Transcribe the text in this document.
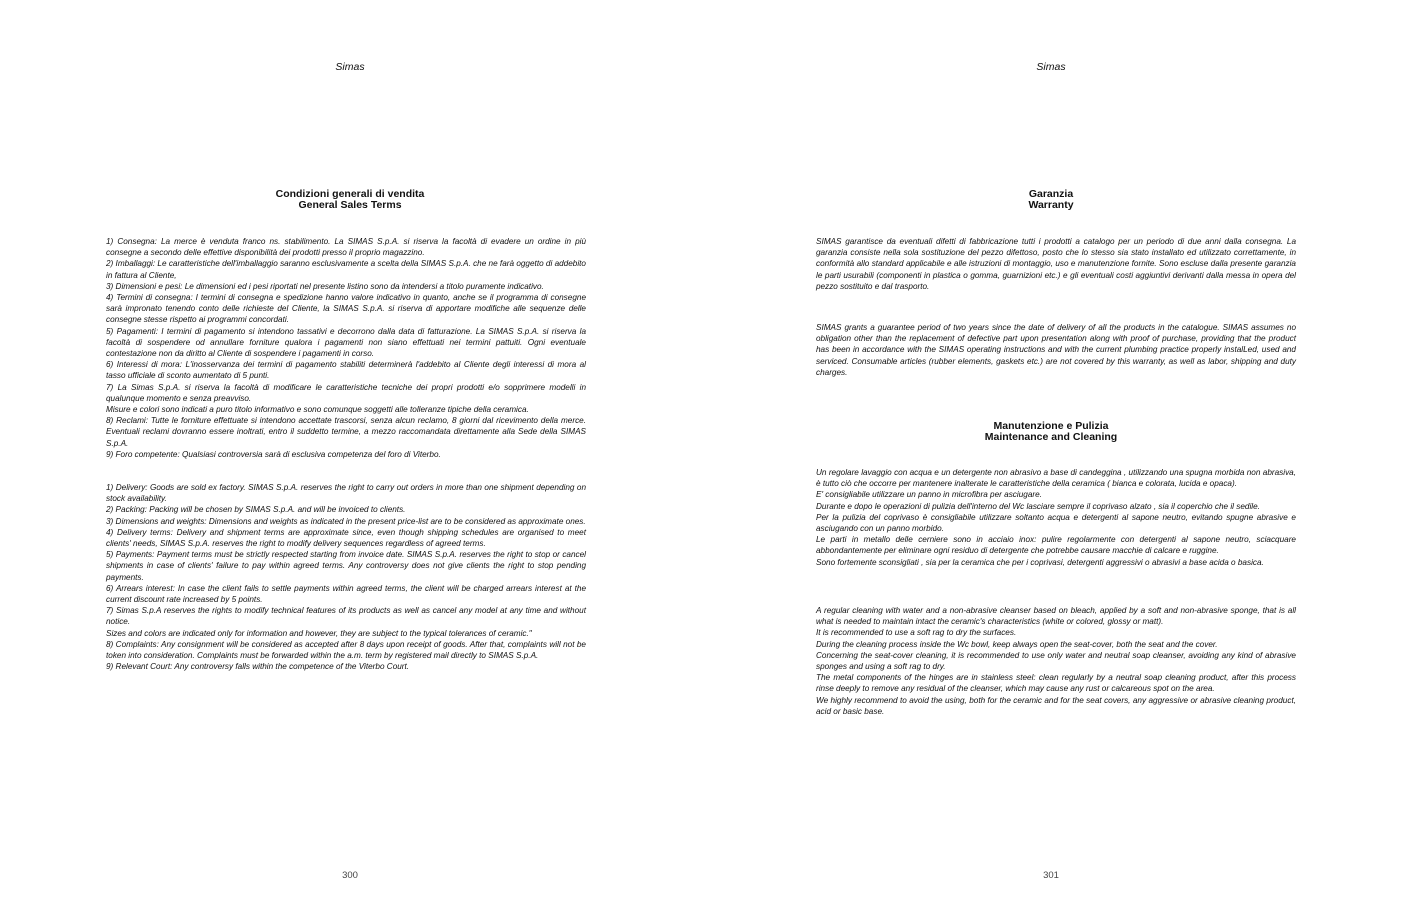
Simas
Condizioni generali di vendita
General Sales Terms
1) Consegna: La merce è venduta franco ns. stabilimento. La SIMAS S.p.A. si riserva la facoltà di evadere un ordine in più consegne a secondo delle effettive disponibilità dei prodotti presso il proprio magazzino.
2) Imballaggi: Le caratteristiche dell'imballaggio saranno esclusivamente a scelta della SIMAS S.p.A. che ne farà oggetto di addebito in fattura al Cliente,
3) Dimensioni e pesi: Le dimensioni ed i pesi riportati nel presente listino sono da intendersi a titolo puramente indicativo.
4) Termini di consegna: I termini di consegna e spedizione hanno valore indicativo in quanto, anche se il programma di consegne sarà impronato tenendo conto delle richieste del Cliente, la SIMAS S.p.A. si riserva di apportare modifiche alle sequenze delle consegne stesse rispetto ai programmi concordati.
5) Pagamenti: I termini di pagamento si intendono tassativi e decorrono dalla data di fatturazione. La SIMAS S.p.A. si riserva la facoltà di sospendere od annullare forniture qualora i pagamenti non siano effettuati nei termini pattuiti. Ogni eventuale contestazione non da diritto al Cliente di sospendere i pagamenti in corso.
6) Interessi di mora: L'inosservanza dei termini di pagamento stabiliti determinerà l'addebito al Cliente degli interessi di mora al tasso ufficiale di sconto aumentato di 5 punti.
7) La Simas S.p.A. si riserva la facoltà di modificare le caratteristiche tecniche dei propri prodotti e/o sopprimere modelli in qualunque momento e senza preavviso.
Misure e colori sono indicati a puro titolo informativo e sono comunque soggetti alle tolleranze tipiche della ceramica.
8) Reclami: Tutte le forniture effettuate si intendono accettate trascorsi, senza alcun reclamo, 8 giorni dal ricevimento della merce. Eventuali reclami dovranno essere inoltrati, entro il suddetto termine, a mezzo raccomandata direttamente alla Sede della SIMAS S.p.A.
9) Foro competente: Qualsiasi controversia sarà di esclusiva competenza del foro di Viterbo.
1) Delivery: Goods are sold ex factory. SIMAS S.p.A. reserves the right to carry out orders in more than one shipment depending on stock availability.
2) Packing: Packing will be chosen by SIMAS S.p.A. and will be invoiced to clients.
3) Dimensions and weights: Dimensions and weights as indicated in the present price-list are to be considered as approximate ones.
4) Delivery terms: Delivery and shipment terms are approximate since, even though shipping schedules are organised to meet clients' needs, SIMAS S.p.A. reserves the right to modify delivery sequences regardless of agreed terms.
5) Payments: Payment terms must be strictly respected starting from invoice date. SIMAS S.p.A. reserves the right to stop or cancel shipments in case of clients' failure to pay within agreed terms. Any controversy does not give clients the right to stop pending payments.
6) Arrears interest: In case the client fails to settle payments within agreed terms, the client will be charged arrears interest at the current discount rate increased by 5 points.
7) Simas S.p.A reserves the rights to modify technical features of its products as well as cancel any model at any time and without notice.
Sizes and colors are indicated only for information and however, they are subject to the typical tolerances of ceramic."
8) Complaints: Any consignment will be considered as accepted after 8 days upon receipt of goods. After that, complaints will not be token into consideration. Complaints must be forwarded within the a.m. term by registered mail directly to SIMAS S.p.A.
9) Relevant Court: Any controversy falls within the competence of the Viterbo Court.
300
Simas
Garanzia
Warranty
SIMAS garantisce da eventuali difetti di fabbricazione tutti i prodotti a catalogo per un periodo di due anni dalla consegna. La garanzia consiste nella sola sostituzione del pezzo difettoso, posto che lo stesso sia stato installato ed utilizzato correttamente, in conformità allo standard applicabile e alle istruzioni di montaggio, uso e manutenzione fornite. Sono escluse dalla presente garanzia le parti usurabili (componenti in plastica o gomma, guarnizioni etc.) e gli eventuali costi aggiuntivi derivanti dalla messa in opera del pezzo sostituito e dal trasporto.
SIMAS grants a guarantee period of two years since the date of delivery of all the products in the catalogue. SIMAS assumes no obligation other than the replacement of defective part upon presentation along with proof of purchase, providing that the product has been in accordance with the SIMAS operating instructions and with the current plumbing practice properly instalLed, used and serviced. Consumable articles (rubber elements, gaskets etc.) are not covered by this warranty, as well as labor, shipping and duty charges.
Manutenzione e Pulizia
Maintenance and Cleaning
Un regolare lavaggio con acqua e un detergente non abrasivo a base di candeggina , utilizzando una spugna morbida non abrasiva, è tutto ciò che occorre per mantenere inalterate le caratteristiche della ceramica ( bianca e colorata, lucida e opaca).
E' consigliabile utilizzare un panno in microfibra per asciugare.
Durante e dopo le operazioni di pulizia dell'interno del Wc lasciare sempre il coprivaso alzato , sia il coperchio che il sedile.
Per la pulizia del coprivaso è consigliabile utilizzare soltanto acqua e detergenti al sapone neutro, evitando spugne abrasive e asciugando con un panno morbido.
Le parti in metallo delle cerniere sono in acciaio inox: pulire regolarmente con detergenti al sapone neutro, sciacquare abbondantemente per eliminare ogni residuo di detergente che potrebbe causare macchie di calcare e ruggine.
Sono fortemente sconsigliati , sia per la ceramica che per i coprivasi, detergenti aggressivi o abrasivi a base acida o basica.
A regular cleaning with water and a non-abrasive cleanser based on bleach, applied by a soft and non-abrasive sponge, that is all what is needed to maintain intact the ceramic's characteristics (white or colored, glossy or matt).
It is recommended to use a soft rag to dry the surfaces.
During the cleaning process inside the Wc bowl, keep always open the seat-cover, both the seat and the cover.
Concerning the seat-cover cleaning, it is recommended to use only water and neutral soap cleanser, avoiding any kind of abrasive sponges and using a soft rag to dry.
The metal components of the hinges are in stainless steel: clean regularly by a neutral soap cleaning product, after this process rinse deeply to remove any residual of the cleanser, which may cause any rust or calcareous spot on the area.
We highly recommend to avoid the using, both for the ceramic and for the seat covers, any aggressive or abrasive cleaning product, acid or basic base.
301
